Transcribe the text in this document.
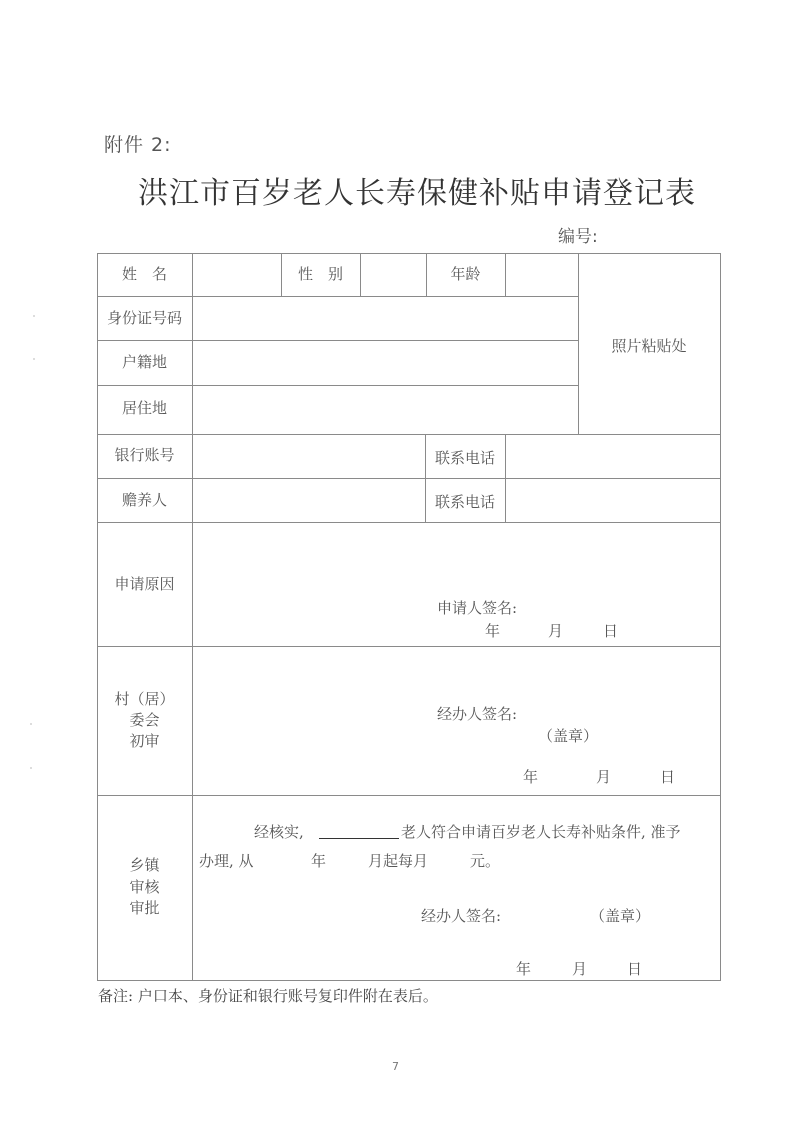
附件 2:
洪江市百岁老人长寿保健补贴申请登记表
编号:
姓　名	性　别	年龄
照片粘贴处
身份证号码
户籍地
居住地
银行账号	联系电话
赡养人	联系电话
申请原因
申请人签名:
年	月	日
村（居）
委会
初审
经办人签名:
（盖章）
年	月	日
乡镇
审核
审批
经核实,	老人符合申请百岁老人长寿补贴条件, 准予
办理, 从	年	月起每月	元。
经办人签名:	（盖章）
年	月	日
备注: 户口本、身份证和银行账号复印件附在表后。
7
